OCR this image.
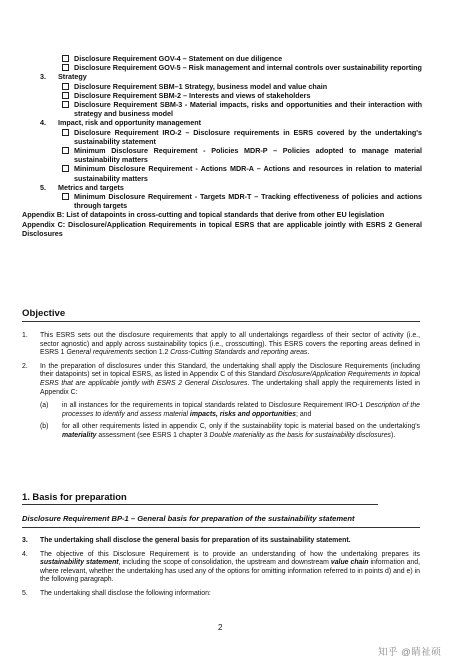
Disclosure Requirement GOV-4 – Statement on due diligence
Disclosure Requirement GOV-5 – Risk management and internal controls over sustainability reporting
3. Strategy
Disclosure Requirement SBM–1 Strategy, business model and value chain
Disclosure Requirement SBM-2 – Interests and views of stakeholders
Disclosure Requirement SBM-3 - Material impacts, risks and opportunities and their interaction with strategy and business model
4. Impact, risk and opportunity management
Disclosure Requirement IRO-2 – Disclosure requirements in ESRS covered by the undertaking's sustainability statement
Minimum Disclosure Requirement - Policies MDR-P – Policies adopted to manage material sustainability matters
Minimum Disclosure Requirement - Actions MDR-A – Actions and resources in relation to material sustainability matters
5. Metrics and targets
Minimum Disclosure Requirement - Targets MDR-T – Tracking effectiveness of policies and actions through targets
Appendix B: List of datapoints in cross-cutting and topical standards that derive from other EU legislation
Appendix C: Disclosure/Application Requirements in topical ESRS that are applicable jointly with ESRS 2 General Disclosures
Objective
1. This ESRS sets out the disclosure requirements that apply to all undertakings regardless of their sector of activity (i.e., sector agnostic) and apply across sustainability topics (i.e., crosscutting). This ESRS covers the reporting areas defined in ESRS 1 General requirements section 1.2 Cross-Cutting Standards and reporting areas.
2. In the preparation of disclosures under this Standard, the undertaking shall apply the Disclosure Requirements (including their datapoints) set in topical ESRS, as listed in Appendix C of this Standard Disclosure/Application Requirements in topical ESRS that are applicable jointly with ESRS 2 General Disclosures. The undertaking shall apply the requirements listed in Appendix C:
(a) in all instances for the requirements in topical standards related to Disclosure Requirement IRO-1 Description of the processes to identify and assess material impacts, risks and opportunities; and
(b) for all other requirements listed in appendix C, only if the sustainability topic is material based on the undertaking's materiality assessment (see ESRS 1 chapter 3 Double materiality as the basis for sustainability disclosures).
1. Basis for preparation
Disclosure Requirement BP-1 – General basis for preparation of the sustainability statement
3. The undertaking shall disclose the general basis for preparation of its sustainability statement.
4. The objective of this Disclosure Requirement is to provide an understanding of how the undertaking prepares its sustainability statement, including the scope of consolidation, the upstream and downstream value chain information and, where relevant, whether the undertaking has used any of the options for omitting information referred to in points d) and e) in the following paragraph.
5. The undertaking shall disclose the following information:
2
知乎 @睛祉硕
